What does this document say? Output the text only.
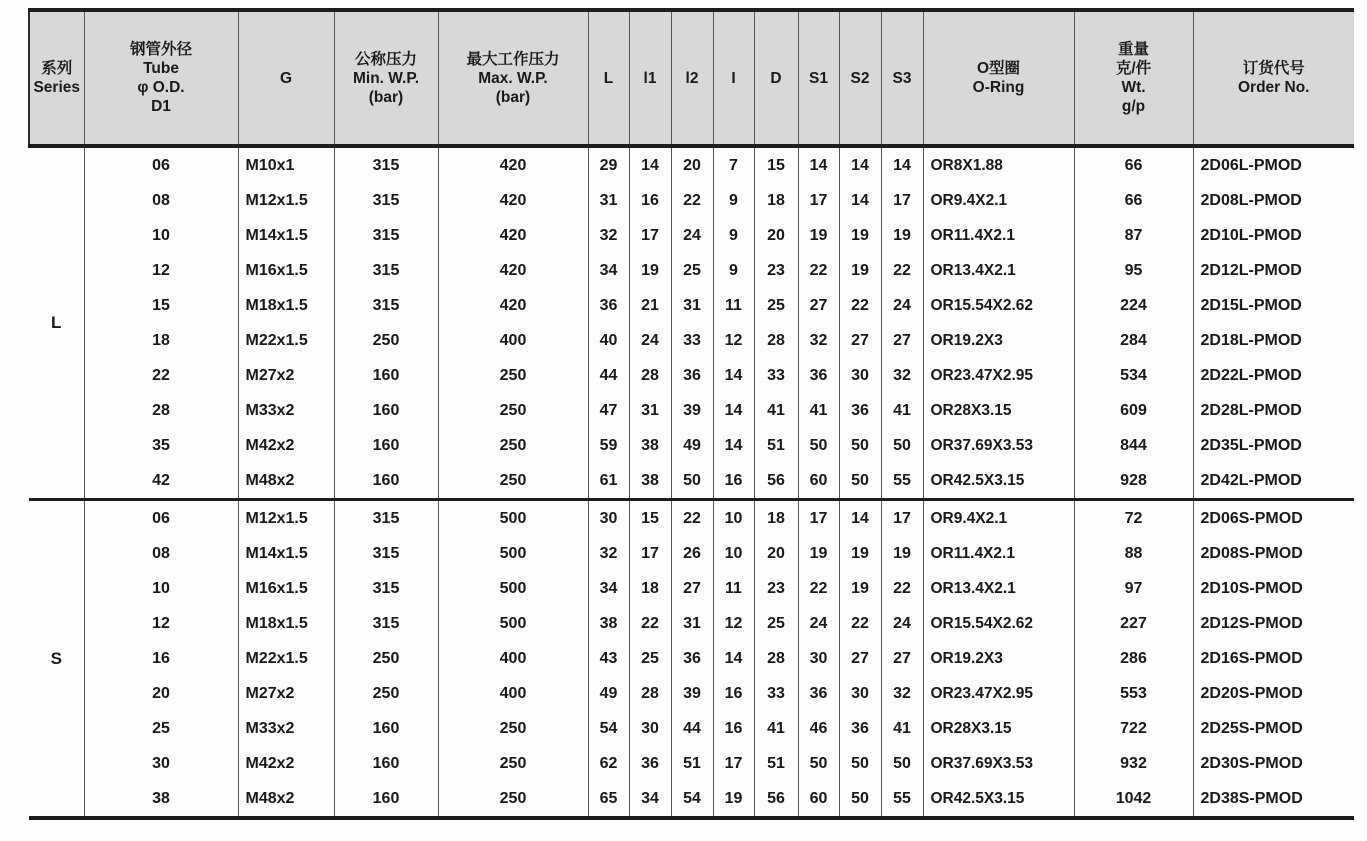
系列
Series

钢管外径
Tube
φ O.D.
D1

G

公称压力
Min. W.P.
(bar)

最大工作压力
Max. W.P.
(bar)

L	l1	l2	I	D	S1	S2	S3

O型圈
O-Ring

重量
克/件
Wt.
g/p

订货代号
Order No.

L	06	M10x1	315	420	29	14	20	7	15	14	14	14	OR8X1.88	66	2D06L-PMOD
	08	M12x1.5	315	420	31	16	22	9	18	17	14	17	OR9.4X2.1	66	2D08L-PMOD
	10	M14x1.5	315	420	32	17	24	9	20	19	19	19	OR11.4X2.1	87	2D10L-PMOD
	12	M16x1.5	315	420	34	19	25	9	23	22	19	22	OR13.4X2.1	95	2D12L-PMOD
	15	M18x1.5	315	420	36	21	31	11	25	27	22	24	OR15.54X2.62	224	2D15L-PMOD
	18	M22x1.5	250	400	40	24	33	12	28	32	27	27	OR19.2X3	284	2D18L-PMOD
	22	M27x2	160	250	44	28	36	14	33	36	30	32	OR23.47X2.95	534	2D22L-PMOD
	28	M33x2	160	250	47	31	39	14	41	41	36	41	OR28X3.15	609	2D28L-PMOD
	35	M42x2	160	250	59	38	49	14	51	50	50	50	OR37.69X3.53	844	2D35L-PMOD
	42	M48x2	160	250	61	38	50	16	56	60	50	55	OR42.5X3.15	928	2D42L-PMOD
S	06	M12x1.5	315	500	30	15	22	10	18	17	14	17	OR9.4X2.1	72	2D06S-PMOD
	08	M14x1.5	315	500	32	17	26	10	20	19	19	19	OR11.4X2.1	88	2D08S-PMOD
	10	M16x1.5	315	500	34	18	27	11	23	22	19	22	OR13.4X2.1	97	2D10S-PMOD
	12	M18x1.5	315	500	38	22	31	12	25	24	22	24	OR15.54X2.62	227	2D12S-PMOD
	16	M22x1.5	250	400	43	25	36	14	28	30	27	27	OR19.2X3	286	2D16S-PMOD
	20	M27x2	250	400	49	28	39	16	33	36	30	32	OR23.47X2.95	553	2D20S-PMOD
	25	M33x2	160	250	54	30	44	16	41	46	36	41	OR28X3.15	722	2D25S-PMOD
	30	M42x2	160	250	62	36	51	17	51	50	50	50	OR37.69X3.53	932	2D30S-PMOD
	38	M48x2	160	250	65	34	54	19	56	60	50	55	OR42.5X3.15	1042	2D38S-PMOD
